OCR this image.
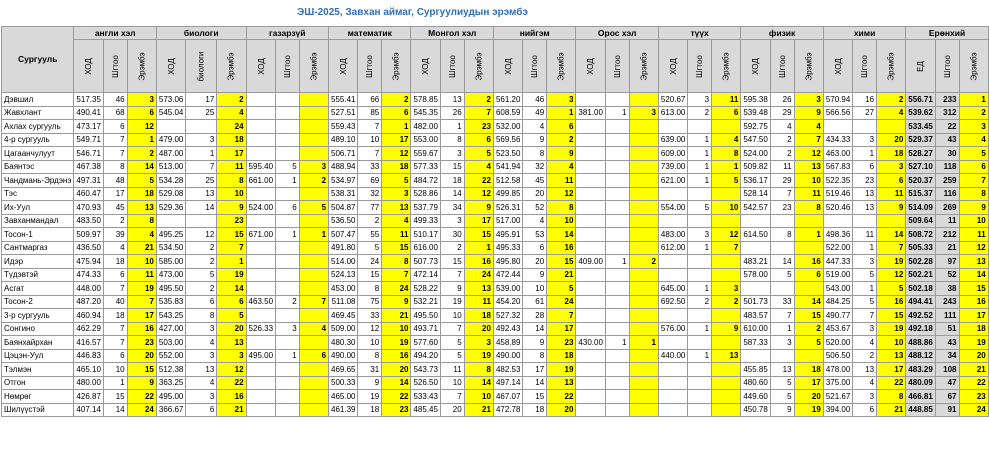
ЭШ-2025, Завхан аймаг, Сургуулиудын эрэмбэ
Сургууль	англи хэл			биологи			газарзүй			математик			Монгол хэл			нийгэм			Орос хэл			түүх			физик			хими			Ерөнхий		
	ХОД	Шгтоо	Эрэмбэ	ХОД	биологи	Эрэмбэ	ХОД	Шгтоо	Эрэмбэ	ХОД	Шгтоо	Эрэмбэ	ХОД	Шгтоо	Эрэмбэ	ХОД	Шгтоо	Эрэмбэ	ХОД	Шгтоо	Эрэмбэ	ХОД	Шгтоо	Эрэмбэ	ХОД	Шгтоо	Эрэмбэ	ХОД	Шгтоо	Эрэмбэ	ЕД	Шгтоо	Эрэмбэ
Дэвшил	517.35	46	3	573.06	17	2				555.41	66	2	578.85	13	2	561.20	46	3				520.67	3	11	595.38	26	3	570.94	16	2	556.71	233	1
Жавхлант	490.41	68	6	545.04	25	4				527.51	85	6	545.35	26	7	608.59	49	1	381.00	1	3	613.00	2	6	539.48	29	9	566.56	27	4	539.62	312	2
Ахлах сургууль	473.17	6	12			24				559.43	7	1	482.00	1	23	532.00	4	6							592.75	4	4				533.45	22	3
4-р сургууль	549.71	7	1	479.00	3	18				489.10	10	17	553.00	8	6	569.56	9	2				639.00	1	4	547.50	2	7	434.33	3	20	529.37	43	4
Цагаанчулуут	546.71	7	2	487.00	1	17				506.71	7	12	559.67	3	5	523.50	8	9				609.00	1	8	524.00	2	12	463.00	1	18	528.27	30	5
Баянтэс	467.38	8	14	513.00	7	11	595.40	5	3	488.94	33	18	577.33	15	4	541.94	32	4				739.00	1	1	509.82	11	13	567.83	6	3	527.10	118	6
Чандмань-Эрдэнэ	497.31	48	5	534.28	25	8	661.00	1	2	534.97	69	5	484.72	18	22	512.58	45	11				621.00	1	5	536.17	29	10	522.35	23	6	520.37	259	7
Тэс	460.47	17	18	529.08	13	10				538.31	32	3	528.86	14	12	499.85	20	12							528.14	7	11	519.46	13	11	515.37	116	8
Их-Уул	470.93	45	13	529.36	14	9	524.00	6	5	504.87	77	13	537.79	34	9	526.31	52	8				554.00	5	10	542.57	23	8	520.46	13	9	514.09	269	9
Завханмандал	483.50	2	8			23				536.50	2	4	499.33	3	17	517.00	4	10													509.64	11	10
Тосон-1	509.97	39	4	495.25	12	15	671.00	1	1	507.47	55	11	510.17	30	15	495.91	53	14				483.00	3	12	614.50	8	1	498.36	11	14	508.72	212	11
Сантмаргаз	436.50	4	21	534.50	2	7				491.80	5	15	616.00	2	1	495.33	6	16				612.00	1	7				522.00	1	7	505.33	21	12
Идэр	475.94	18	10	585.00	2	1				514.00	24	8	507.73	15	16	495.80	20	15	409.00	1	2				483.21	14	16	447.33	3	19	502.28	97	13
Түдэвтэй	474.33	6	11	473.00	5	19				524.13	15	7	472.14	7	24	472.44	9	21							578.00	5	6	519.00	5	12	502.21	52	14
Асгат	448.00	7	19	495.50	2	14				453.00	8	24	528.22	9	13	539.00	10	5				645.00	1	3				543.00	1	5	502.18	38	15
Тосон-2	487.20	40	7	535.83	6	6	463.50	2	7	511.08	75	9	532.21	19	11	454.20	61	24				692.50	2	2	501.73	33	14	484.25	5	16	494.41	243	16
3-р сургууль	460.94	18	17	543.25	8	5				469.45	33	21	495.50	10	18	527.32	28	7							483.57	7	15	490.77	7	15	492.52	111	17
Сонгино	462.29	7	16	427.00	3	20	526.33	3	4	509.00	12	10	493.71	7	20	492.43	14	17				576.00	1	9	610.00	1	2	453.67	3	19	492.18	51	18
Баянхайрхан	416.57	7	23	503.00	4	13				480.30	10	19	577.60	5	3	458.89	9	23	430.00	1	1				587.33	3	5	520.00	4	10	488.86	43	19
Цэцэн-Уул	446.83	6	20	552.00	3	3	495.00	1	6	490.00	8	16	494.20	5	19	490.00	8	18				440.00	1	13				506.50	2	13	488.12	34	20
Тэлмэн	465.10	10	15	512.38	13	12				469.65	31	20	543.73	11	8	482.53	17	19							455.85	13	18	478.00	13	17	483.29	108	21
Отгон	480.00	1	9	363.25	4	22				500.33	9	14	526.50	10	14	497.14	14	13							480.60	5	17	375.00	4	22	480.09	47	22
Нөмрөг	426.87	15	22	495.00	3	16				465.00	19	22	533.43	7	10	467.07	15	22							449.60	5	20	521.67	3	8	466.81	67	23
Шилүүстэй	407.14	14	24	366.67	6	21				461.39	18	23	485.45	20	21	472.78	18	20							450.78	9	19	394.00	6	21	448.85	91	24
